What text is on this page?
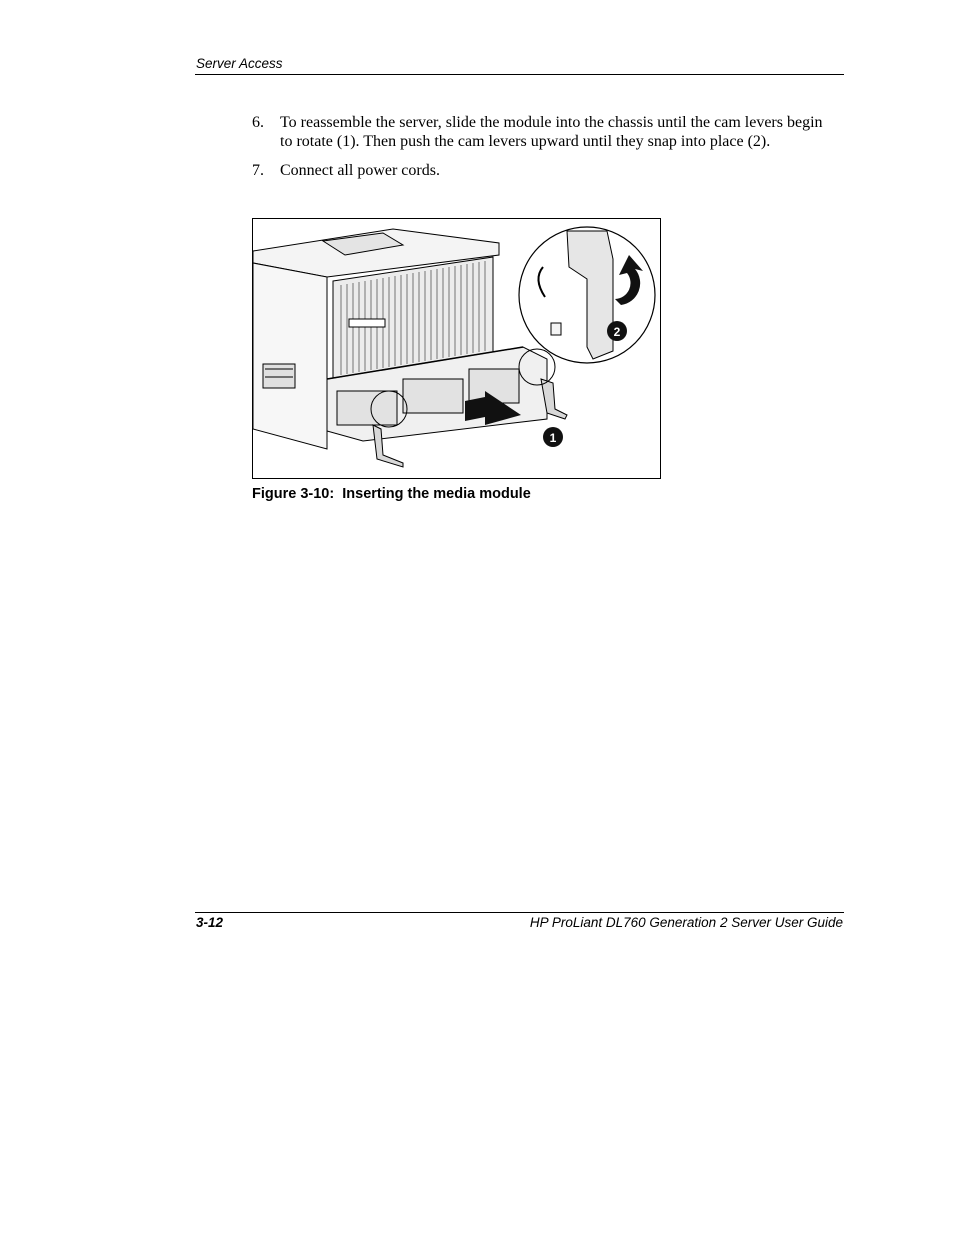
Server Access
6.	To reassemble the server, slide the module into the chassis until the cam levers begin to rotate (1). Then push the cam levers upward until they snap into place (2).
7.	Connect all power cords.
1
2
Figure 3-10:  Inserting the media module
3-12	HP ProLiant DL760 Generation 2 Server User Guide
